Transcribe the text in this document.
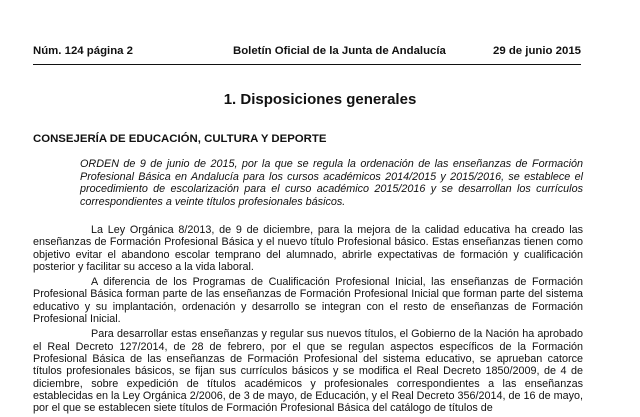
Núm. 124 página 2	Boletín Oficial de la Junta de Andalucía	29 de junio 2015
1. Disposiciones generales
CONSEJERÍA DE EDUCACIÓN, CULTURA Y DEPORTE
ORDEN de 9 de junio de 2015, por la que se regula la ordenación de las enseñanzas de Formación Profesional Básica en Andalucía para los cursos académicos 2014/2015 y 2015/2016, se establece el procedimiento de escolarización para el curso académico 2015/2016 y se desarrollan los currículos correspondientes a veinte títulos profesionales básicos.

La Ley Orgánica 8/2013, de 9 de diciembre, para la mejora de la calidad educativa ha creado las enseñanzas de Formación Profesional Básica y el nuevo título Profesional básico. Estas enseñanzas tienen como objetivo evitar el abandono escolar temprano del alumnado, abrirle expectativas de formación y cualificación posterior y facilitar su acceso a la vida laboral.

A diferencia de los Programas de Cualificación Profesional Inicial, las enseñanzas de Formación Profesional Básica forman parte de las enseñanzas de Formación Profesional Inicial que forman parte del sistema educativo y su implantación, ordenación y desarrollo se integran con el resto de enseñanzas de Formación Profesional Inicial.

Para desarrollar estas enseñanzas y regular sus nuevos títulos, el Gobierno de la Nación ha aprobado el Real Decreto 127/2014, de 28 de febrero, por el que se regulan aspectos específicos de la Formación Profesional Básica de las enseñanzas de Formación Profesional del sistema educativo, se aprueban catorce títulos profesionales básicos, se fijan sus currículos básicos y se modifica el Real Decreto 1850/2009, de 4 de diciembre, sobre expedición de títulos académicos y profesionales correspondientes a las enseñanzas establecidas en la Ley Orgánica 2/2006, de 3 de mayo, de Educación, y el Real Decreto 356/2014, de 16 de mayo, por el que se establecen siete títulos de Formación Profesional Básica del catálogo de títulos de
